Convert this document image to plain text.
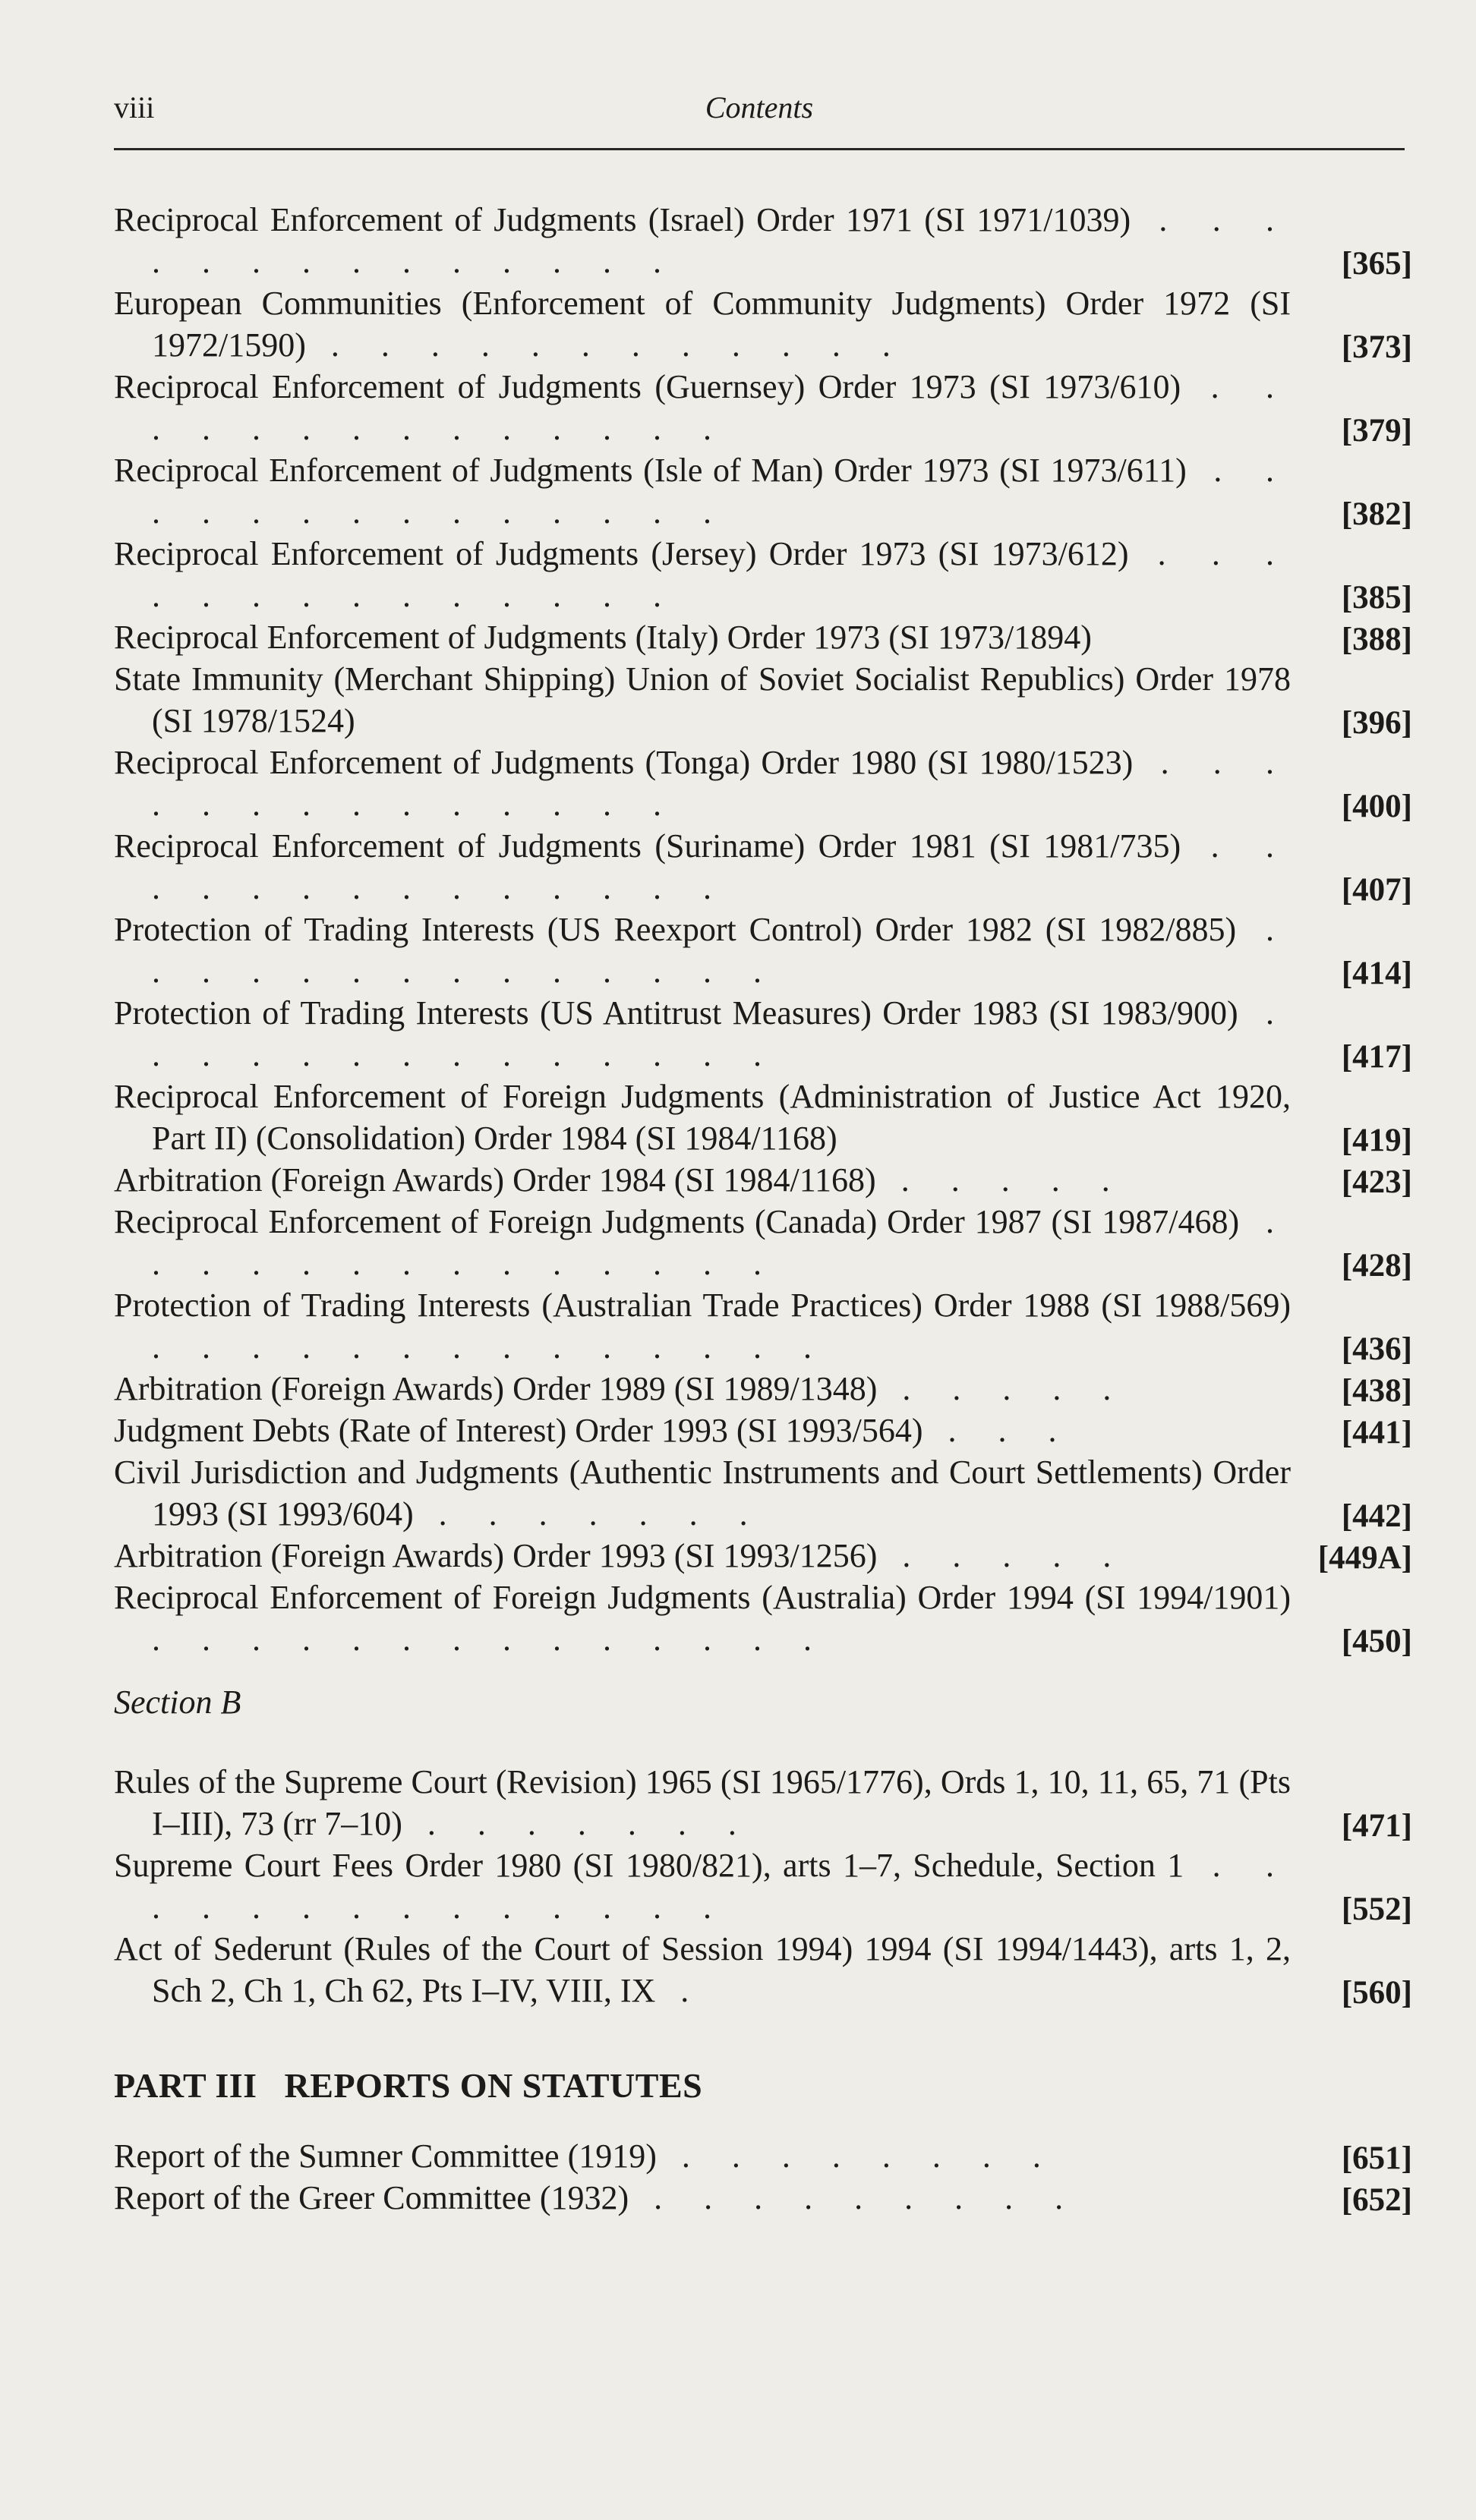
viii	Contents
Reciprocal Enforcement of Judgments (Israel) Order 1971 (SI 1971/1039) . . . . . . . . . . . . . .	[365]
European Communities (Enforcement of Community Judgments) Order 1972 (SI 1972/1590) . . . . . . . . . . . .	[373]
Reciprocal Enforcement of Judgments (Guernsey) Order 1973 (SI 1973/610) . . . . . . . . . . . . . .	[379]
Reciprocal Enforcement of Judgments (Isle of Man) Order 1973 (SI 1973/611) . . . . . . . . . . . . . .	[382]
Reciprocal Enforcement of Judgments (Jersey) Order 1973 (SI 1973/612) . . . . . . . . . . . . . .	[385]
Reciprocal Enforcement of Judgments (Italy) Order 1973 (SI 1973/1894)	[388]
State Immunity (Merchant Shipping) Union of Soviet Socialist Republics) Order 1978 (SI 1978/1524)	[396]
Reciprocal Enforcement of Judgments (Tonga) Order 1980 (SI 1980/1523) . . . . . . . . . . . . . .	[400]
Reciprocal Enforcement of Judgments (Suriname) Order 1981 (SI 1981/735) . . . . . . . . . . . . . .	[407]
Protection of Trading Interests (US Reexport Control) Order 1982 (SI 1982/885) . . . . . . . . . . . . . .	[414]
Protection of Trading Interests (US Antitrust Measures) Order 1983 (SI 1983/900) . . . . . . . . . . . . . .	[417]
Reciprocal Enforcement of Foreign Judgments (Administration of Justice Act 1920, Part II) (Consolidation) Order 1984 (SI 1984/1168)	[419]
Arbitration (Foreign Awards) Order 1984 (SI 1984/1168) . . . . .	[423]
Reciprocal Enforcement of Foreign Judgments (Canada) Order 1987 (SI 1987/468) . . . . . . . . . . . . . .	[428]
Protection of Trading Interests (Australian Trade Practices) Order 1988 (SI 1988/569) . . . . . . . . . . . . . .	[436]
Arbitration (Foreign Awards) Order 1989 (SI 1989/1348) . . . . .	[438]
Judgment Debts (Rate of Interest) Order 1993 (SI 1993/564) . . .	[441]
Civil Jurisdiction and Judgments (Authentic Instruments and Court Settlements) Order 1993 (SI 1993/604) . . . . . . .	[442]
Arbitration (Foreign Awards) Order 1993 (SI 1993/1256) . . . . .	[449A]
Reciprocal Enforcement of Foreign Judgments (Australia) Order 1994 (SI 1994/1901) . . . . . . . . . . . . . .	[450]
Section B
Rules of the Supreme Court (Revision) 1965 (SI 1965/1776), Ords 1, 10, 11, 65, 71 (Pts I–III), 73 (rr 7–10) . . . . . . .	[471]
Supreme Court Fees Order 1980 (SI 1980/821), arts 1–7, Schedule, Section 1 . . . . . . . . . . . . . .	[552]
Act of Sederunt (Rules of the Court of Session 1994) 1994 (SI 1994/1443), arts 1, 2, Sch 2, Ch 1, Ch 62, Pts I–IV, VIII, IX .	[560]
PART III   REPORTS ON STATUTES
Report of the Sumner Committee (1919) . . . . . . . .	[651]
Report of the Greer Committee (1932) . . . . . . . . .	[652]
